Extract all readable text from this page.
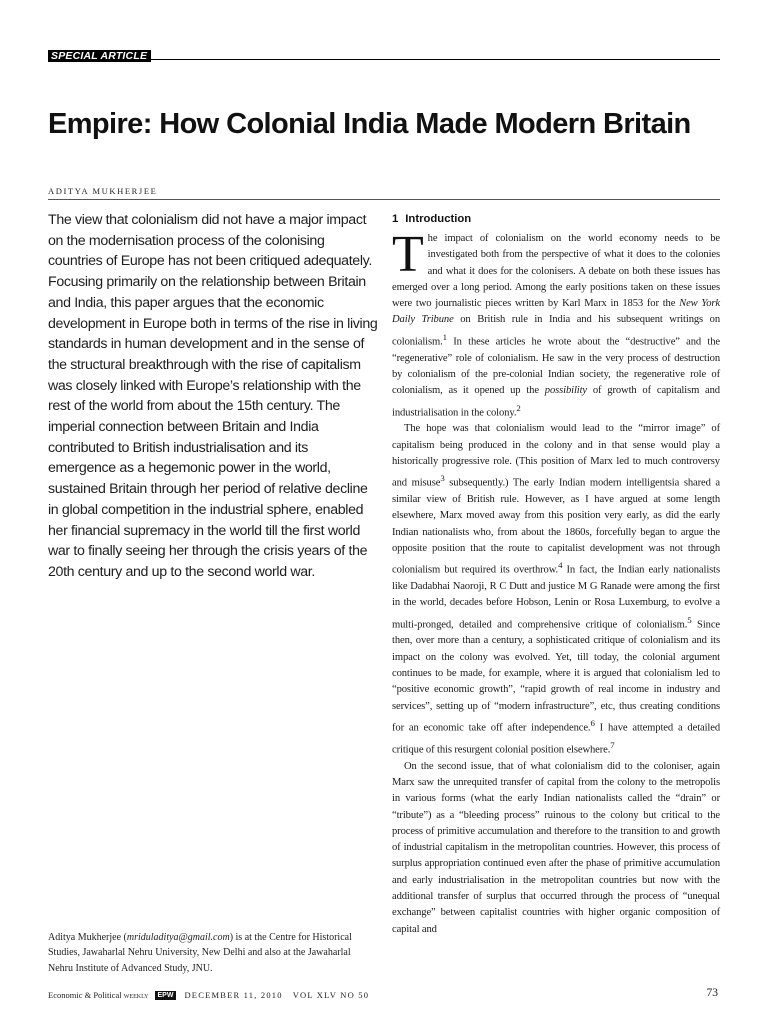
SPECIAL ARTICLE
Empire: How Colonial India Made Modern Britain
ADITYA MUKHERJEE

The view that colonialism did not have a major impact on the modernisation process of the colonising countries of Europe has not been critiqued adequately. Focusing primarily on the relationship between Britain and India, this paper argues that the economic development in Europe both in terms of the rise in living standards in human development and in the sense of the structural breakthrough with the rise of capitalism was closely linked with Europe’s relationship with the rest of the world from about the 15th century. The imperial connection between Britain and India contributed to British industrialisation and its emergence as a hegemonic power in the world, sustained Britain through her period of relative decline in global competition in the industrial sphere, enabled her financial supremacy in the world till the first world war to finally seeing her through the crisis years of the 20th century and up to the second world war.

1 Introduction

The impact of colonialism on the world economy needs to be investigated both from the perspective of what it does to the colonies and what it does for the colonisers. A debate on both these issues has emerged over a long period. Among the early positions taken on these issues were two journalistic pieces written by Karl Marx in 1853 for the New York Daily Tribune on British rule in India and his subsequent writings on colonialism.$^1$ In these articles he wrote about the “destructive” and the “regenerative” role of colonialism. He saw in the very process of destruction by colonialism of the pre-colonial Indian society, the regenerative role of colonialism, as it opened up the possibility of growth of capitalism and industrialisation in the colony.$^2$

The hope was that colonialism would lead to the “mirror image” of capitalism being produced in the colony and in that sense would play a historically progressive role. (This position of Marx led to much controversy and misuse$^3$ subsequently.) The early Indian modern intelligentsia shared a similar view of British rule. However, as I have argued at some length elsewhere, Marx moved away from this position very early, as did the early Indian nationalists who, from about the 1860s, forcefully began to argue the opposite position that the route to capitalist development was not through colonialism but required its overthrow.$^4$ In fact, the Indian early nationalists like Dadabhai Naoroji, R C Dutt and justice M G Ranade were among the first in the world, decades before Hobson, Lenin or Rosa Luxemburg, to evolve a multi-pronged, detailed and comprehensive critique of colonialism.$^5$ Since then, over more than a century, a sophisticated critique of colonialism and its impact on the colony was evolved. Yet, till today, the colonial argument continues to be made, for example, where it is argued that colonialism led to “positive economic growth”, “rapid growth of real income in industry and services”, setting up of “modern infrastructure”, etc, thus creating conditions for an economic take off after independence.$^6$ I have attempted a detailed critique of this resurgent colonial position elsewhere.$^7$

On the second issue, that of what colonialism did to the coloniser, again Marx saw the unrequited transfer of capital from the colony to the metropolis in various forms (what the early Indian nationalists called the “drain” or “tribute”) as a “bleeding process” ruinous to the colony but critical to the process of primitive accumulation and therefore to the transition to and growth of industrial capitalism in the metropolitan countries. However, this process of surplus appropriation continued even after the phase of primitive accumulation and early industrialisation in the metropolitan countries but now with the additional transfer of surplus that occurred through the process of “unequal exchange” between capitalist countries with higher organic composition of capital and

Aditya Mukherjee (mriduladitya@gmail.com) is at the Centre for Historical Studies, Jawaharlal Nehru University, New Delhi and also at the Jawaharlal Nehru Institute of Advanced Study, JNU.

Economic & Political weekly EPW DECEMBER 11, 2010 VOL XLV NO 50	73
